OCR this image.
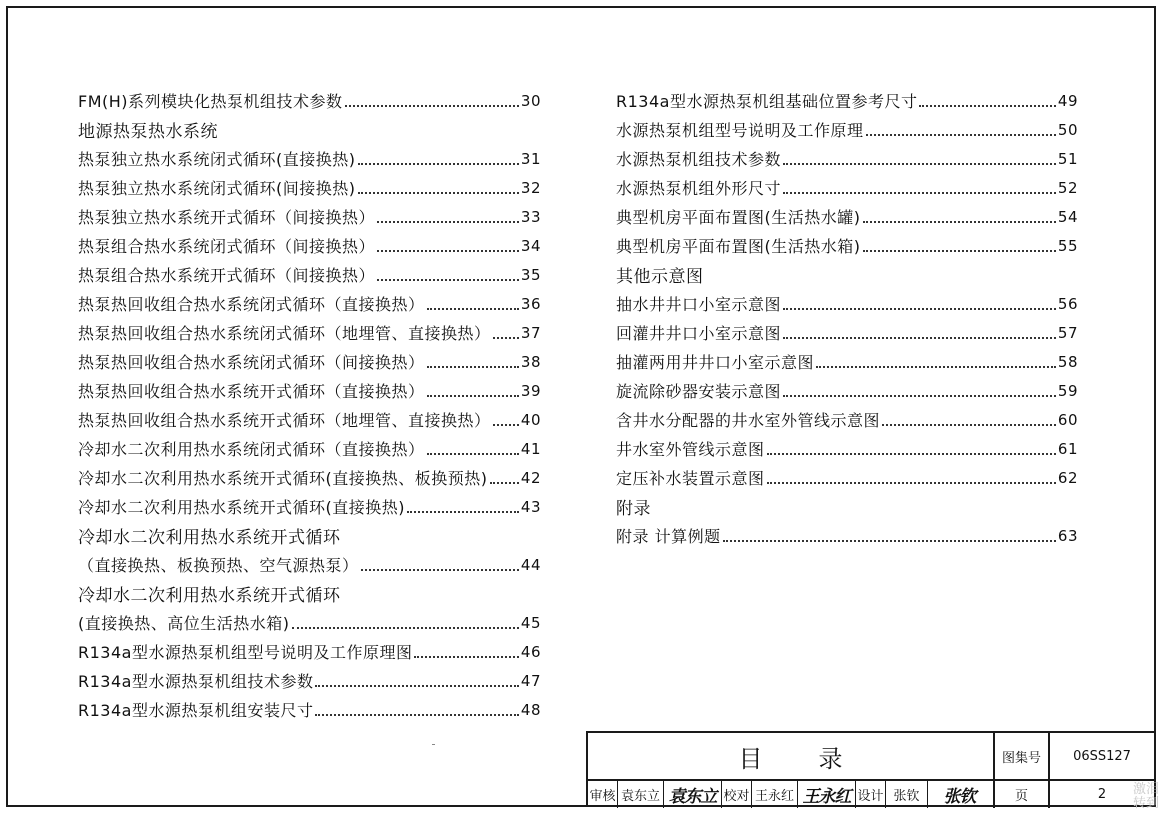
FM(H)系列模块化热泵机组技术参数	30
地源热泵热水系统
热泵独立热水系统闭式循环(直接换热)	31
热泵独立热水系统闭式循环(间接换热)	32
热泵独立热水系统开式循环（间接换热）	33
热泵组合热水系统闭式循环（间接换热）	34
热泵组合热水系统开式循环（间接换热）	35
热泵热回收组合热水系统闭式循环（直接换热）	36
热泵热回收组合热水系统闭式循环（地埋管、直接换热） 37
热泵热回收组合热水系统闭式循环（间接换热）	38
热泵热回收组合热水系统开式循环（直接换热）	39
热泵热回收组合热水系统开式循环（地埋管、直接换热） 40
冷却水二次利用热水系统闭式循环（直接换热）	41
冷却水二次利用热水系统开式循环(直接换热、板换预热) 42
冷却水二次利用热水系统开式循环(直接换热)	43
冷却水二次利用热水系统开式循环
（直接换热、板换预热、空气源热泵）	44
冷却水二次利用热水系统开式循环
(直接换热、高位生活热水箱)	45
R134a型水源热泵机组型号说明及工作原理图	46
R134a型水源热泵机组技术参数	47
R134a型水源热泵机组安装尺寸	48
R134a型水源热泵机组基础位置参考尺寸	49
水源热泵机组型号说明及工作原理	50
水源热泵机组技术参数	51
水源热泵机组外形尺寸	52
典型机房平面布置图(生活热水罐)	54
典型机房平面布置图(生活热水箱)	55
其他示意图
抽水井井口小室示意图	56
回灌井井口小室示意图	57
抽灌两用井井口小室示意图	58
旋流除砂器安装示意图	59
含井水分配器的井水室外管线示意图	60
井水室外管线示意图	61
定压补水装置示意图	62
附录
附录 计算例题	63
目录	图集号	06SS127
审核 袁东立 袁东立 校对 王永红 王永红 设计 张钦	张钦	页	2	激泪
转到
